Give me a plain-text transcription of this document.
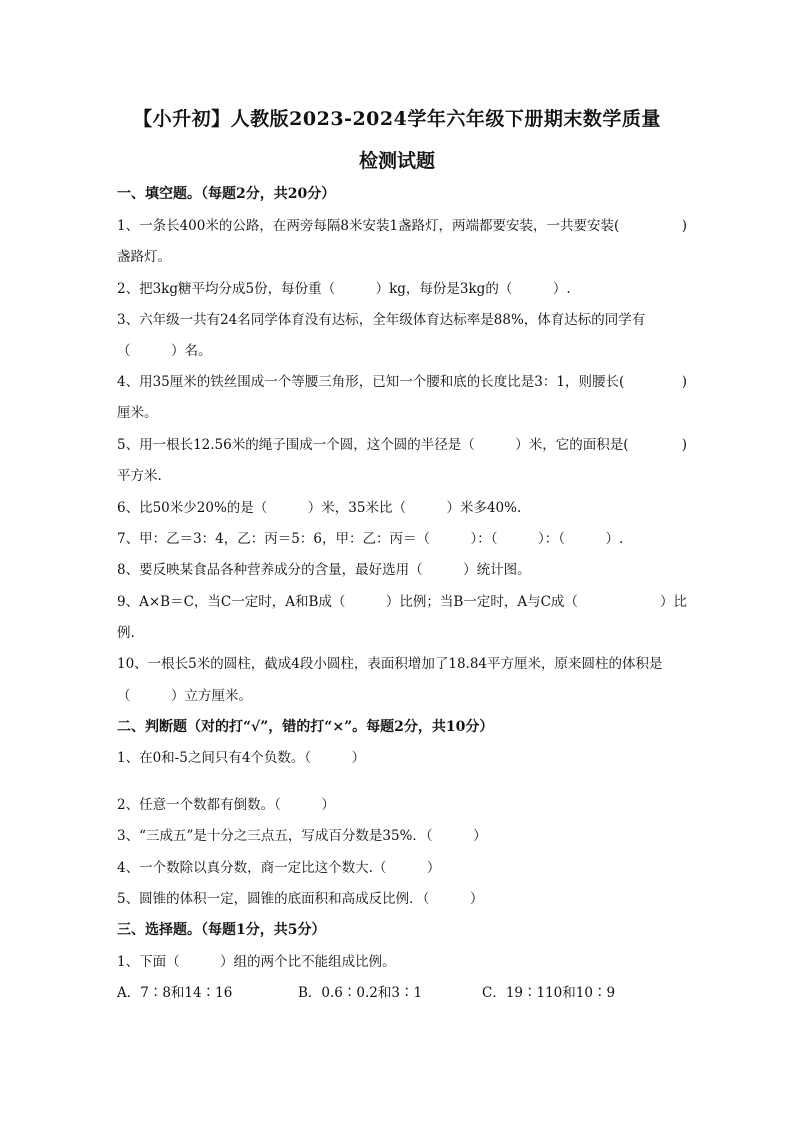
【小升初】人教版2023-2024学年六年级下册期末数学质量
检测试题
一、填空题。（每题2分，共20分）
1、一条长400米的公路，在两旁每隔8米安装1盏路灯，两端都要安装，一共要安装(	)
盏路灯。
2、把3kg糖平均分成5份，每份重（　　　）kg，每份是3kg的（　　　）.
3、六年级一共有24名同学体育没有达标，全年级体育达标率是88%，体育达标的同学有
（　　　）名。
4、用35厘米的铁丝围成一个等腰三角形，已知一个腰和底的长度比是3：1，则腰长(	)
厘米。
5、用一根长12.56米的绳子围成一个圆，这个圆的半径是（　　　）米，它的面积是(	)
平方米.
6、比50米少20%的是（　　　）米，35米比（　　　）米多40%.
7、甲：乙＝3：4，乙：丙＝5：6，甲：乙：丙＝（　　　）：（　　　）：（　　　）.
8、要反映某食品各种营养成分的含量，最好选用（　　　）统计图。
9、A×B＝C，当C一定时，A和B成（　　　）比例；当B一定时，A与C成（	）比
例.
10、一根长5米的圆柱，截成4段小圆柱，表面积增加了18.84平方厘米，原来圆柱的体积是
（　　　）立方厘米。
二、判断题（对的打“√”，错的打“×”。每题2分，共10分）
1、在0和-5之间只有4个负数。（　　　）
2、任意一个数都有倒数。（　　　）
3、“三成五”是十分之三点五，写成百分数是35%．（　　　）
4、一个数除以真分数，商一定比这个数大.（　　　）
5、圆锥的体积一定，圆锥的底面积和高成反比例．（　　　）
三、选择题。（每题1分，共5分）
1、下面（　　　）组的两个比不能组成比例。
A．7∶8和14∶16	B．0.6∶0.2和3∶1	C．19∶110和10∶9
